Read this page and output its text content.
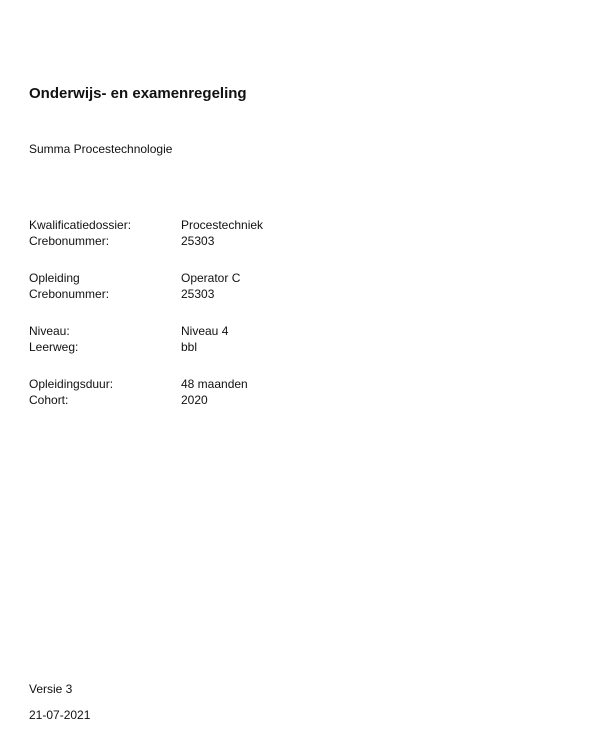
Onderwijs- en examenregeling
Summa Procestechnologie
Kwalificatiedossier:	Procestechniek
Crebonummer:	25303
Opleiding	Operator C
Crebonummer:	25303
Niveau:	Niveau 4
Leerweg:	bbl
Opleidingsduur:	48 maanden
Cohort:	2020
Versie 3
21-07-2021
